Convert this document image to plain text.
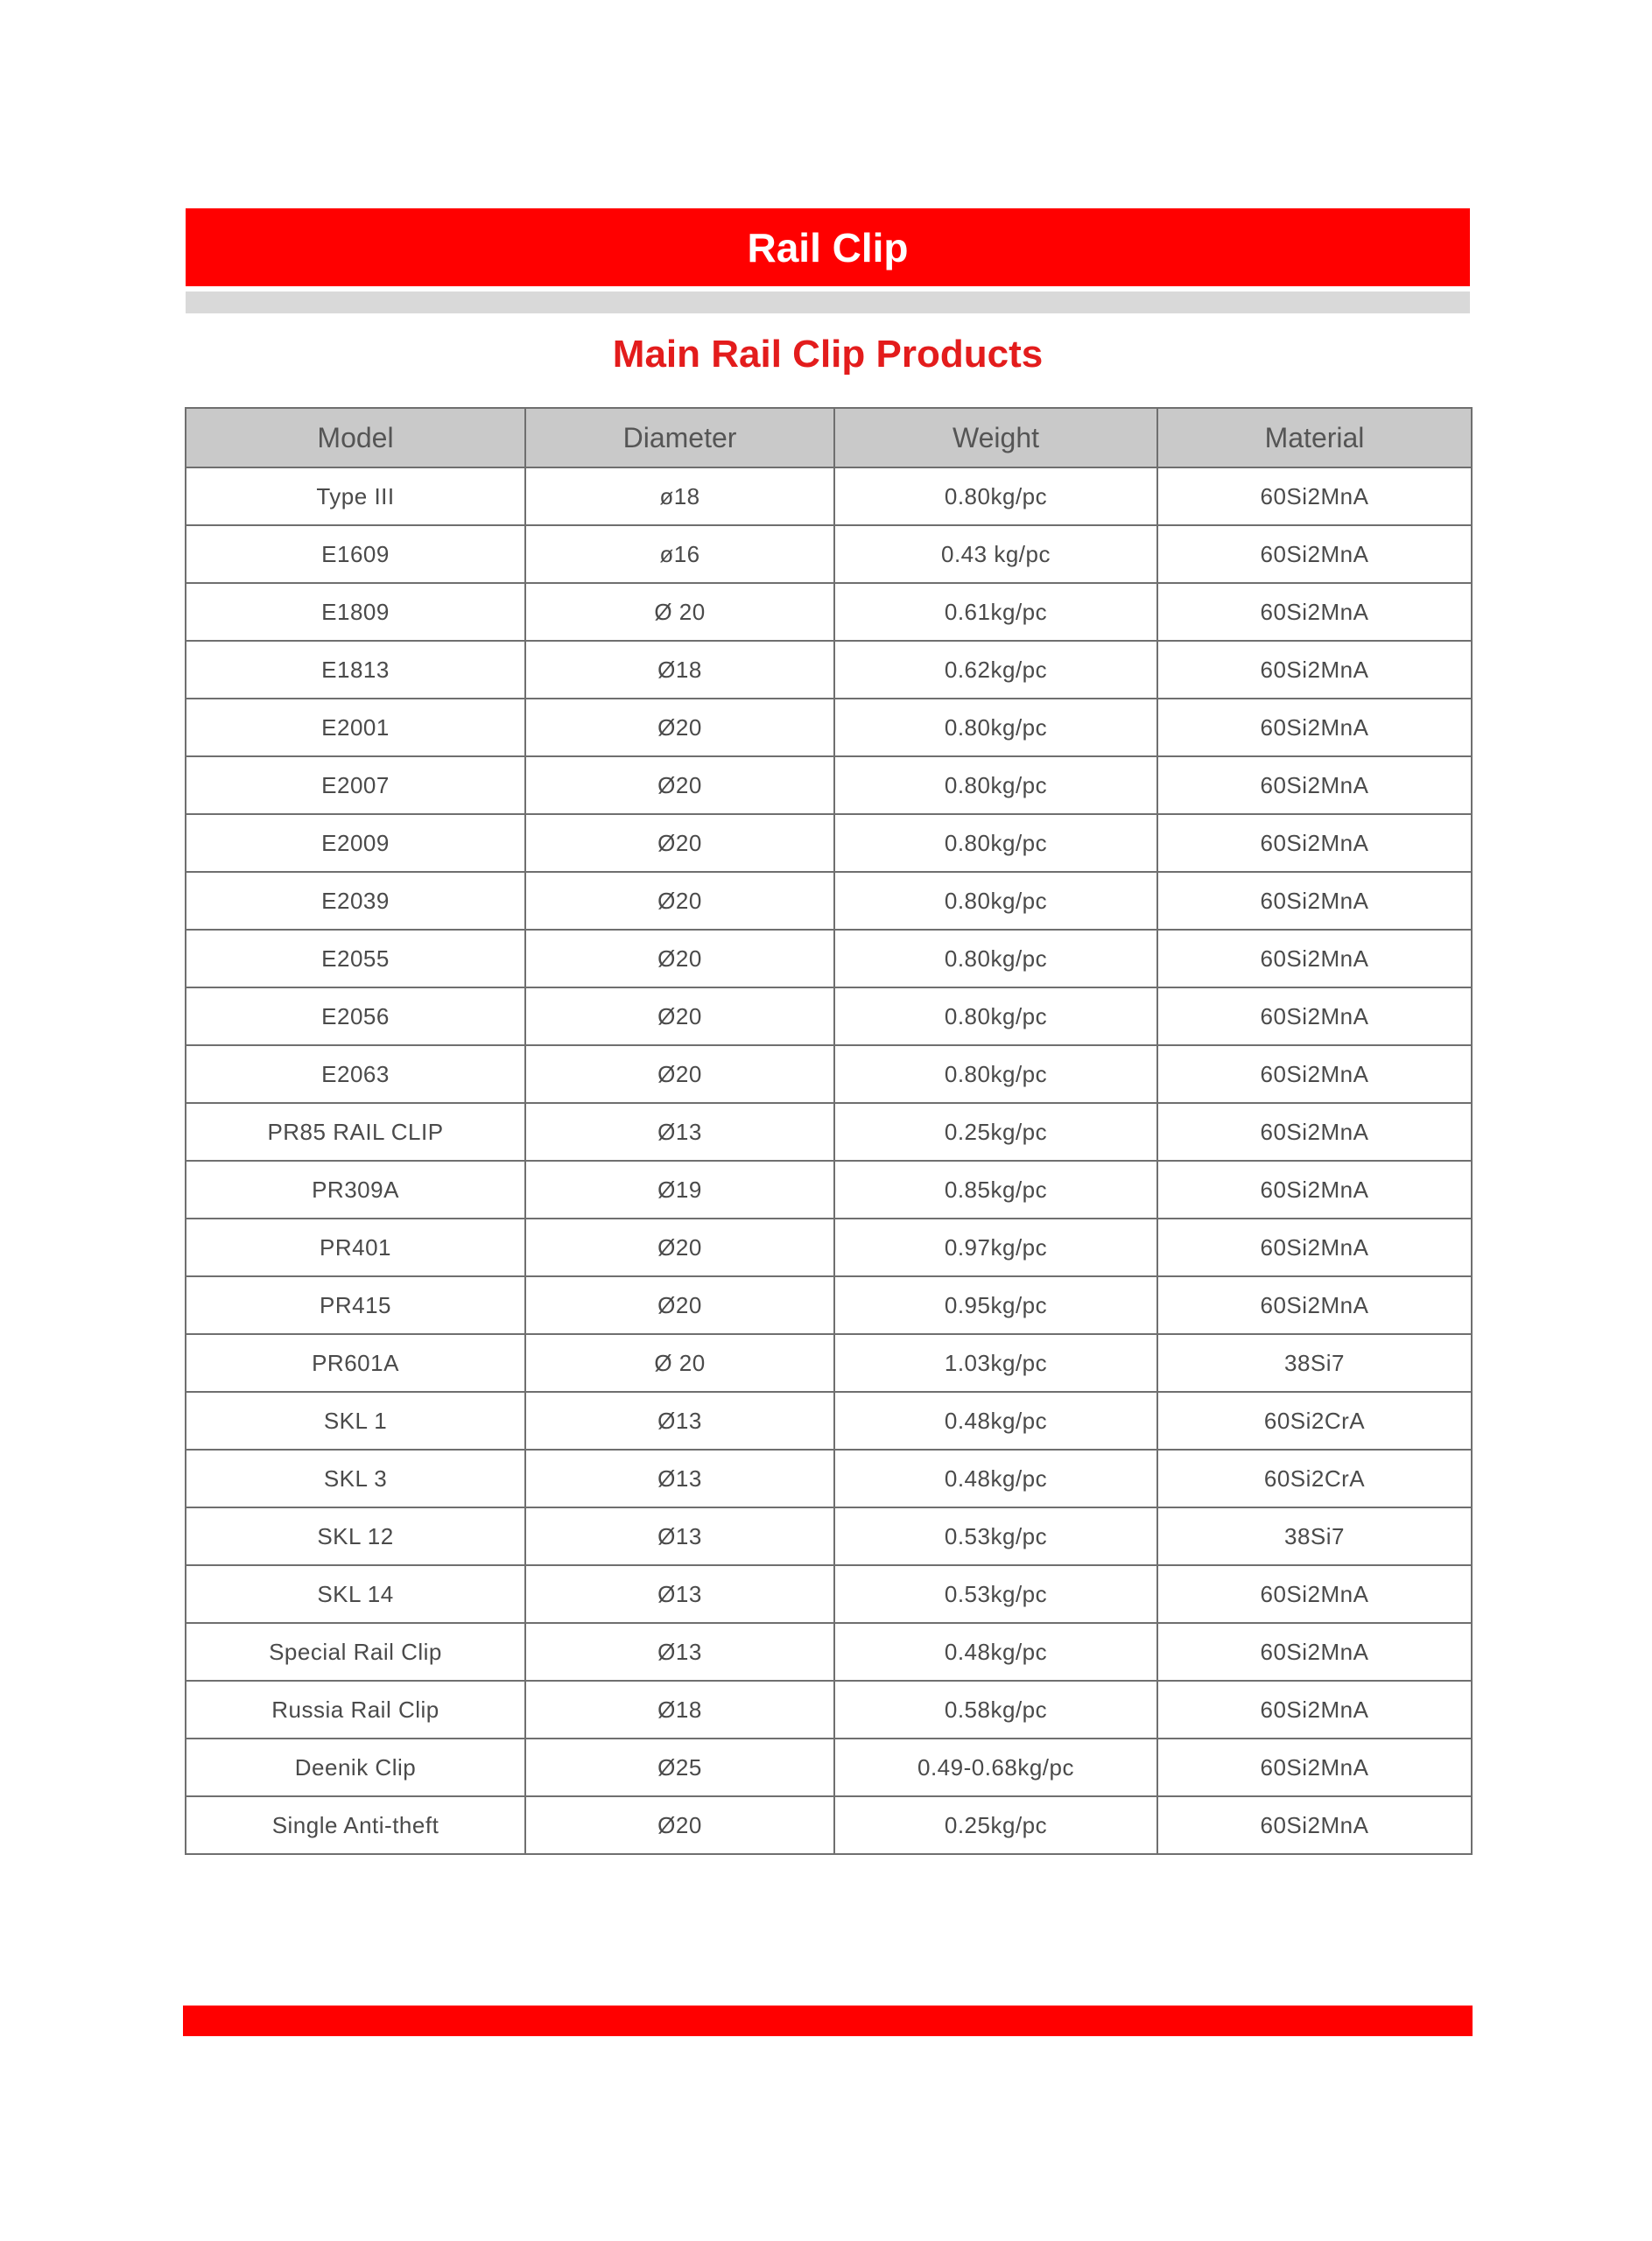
Rail Clip
Main Rail Clip Products
Model	Diameter	Weight	Material
Type III	ø18	0.80kg/pc	60Si2MnA
E1609	ø16	0.43 kg/pc	60Si2MnA
E1809	Ø 20	0.61kg/pc	60Si2MnA
E1813	Ø18	0.62kg/pc	60Si2MnA
E2001	Ø20	0.80kg/pc	60Si2MnA
E2007	Ø20	0.80kg/pc	60Si2MnA
E2009	Ø20	0.80kg/pc	60Si2MnA
E2039	Ø20	0.80kg/pc	60Si2MnA
E2055	Ø20	0.80kg/pc	60Si2MnA
E2056	Ø20	0.80kg/pc	60Si2MnA
E2063	Ø20	0.80kg/pc	60Si2MnA
PR85 RAIL CLIP	Ø13	0.25kg/pc	60Si2MnA
PR309A	Ø19	0.85kg/pc	60Si2MnA
PR401	Ø20	0.97kg/pc	60Si2MnA
PR415	Ø20	0.95kg/pc	60Si2MnA
PR601A	Ø 20	1.03kg/pc	38Si7
SKL 1	Ø13	0.48kg/pc	60Si2CrA
SKL 3	Ø13	0.48kg/pc	60Si2CrA
SKL 12	Ø13	0.53kg/pc	38Si7
SKL 14	Ø13	0.53kg/pc	60Si2MnA
Special Rail Clip	Ø13	0.48kg/pc	60Si2MnA
Russia Rail Clip	Ø18	0.58kg/pc	60Si2MnA
Deenik Clip	Ø25	0.49-0.68kg/pc	60Si2MnA
Single Anti-theft	Ø20	0.25kg/pc	60Si2MnA
